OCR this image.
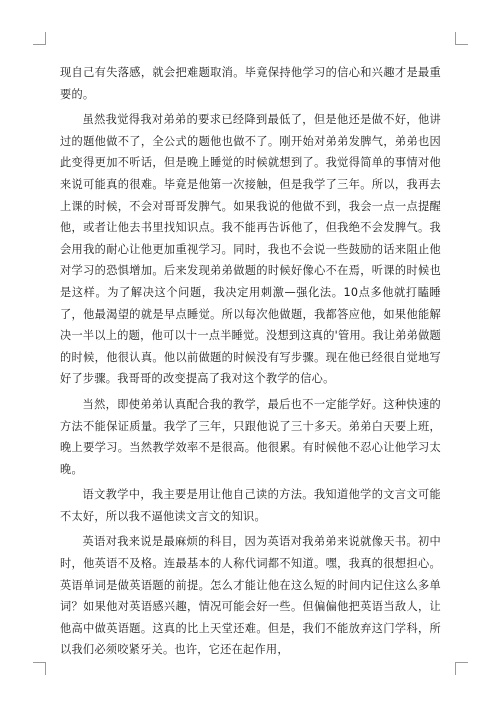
现自己有失落感，就会把难题取消。毕竟保持他学习的信心和兴趣才是最重要的。

虽然我觉得我对弟弟的要求已经降到最低了，但是他还是做不好，他讲过的题他做不了，全公式的题他也做不了。刚开始对弟弟发脾气，弟弟也因此变得更加不听话，但是晚上睡觉的时候就想到了。我觉得简单的事情对他来说可能真的很难。毕竟是他第一次接触，但是我学了三年。所以，我再去上课的时候，不会对哥哥发脾气。如果我说的他做不到，我会一点一点提醒他，或者让他去书里找知识点。我不能再告诉他了，但我绝不会发脾气。我会用我的耐心让他更加重视学习。同时，我也不会说一些鼓励的话来阻止他对学习的恐惧增加。后来发现弟弟做题的时候好像心不在焉，听课的时候也是这样。为了解决这个问题，我决定用刺激—强化法。10点多他就打瞌睡了，他最渴望的就是早点睡觉。所以每次他做题，我都答应他，如果他能解决一半以上的题，他可以十一点半睡觉。没想到这真的'管用。我让弟弟做题的时候，他很认真。他以前做题的时候没有写步骤。现在他已经很自觉地写好了步骤。我哥哥的改变提高了我对这个教学的信心。

当然，即使弟弟认真配合我的教学，最后也不一定能学好。这种快速的方法不能保证质量。我学了三年，只跟他说了三十多天。弟弟白天要上班，晚上要学习。当然教学效率不是很高。他很累。有时候他不忍心让他学习太晚。

语文教学中，我主要是用让他自己读的方法。我知道他学的文言文可能不太好，所以我不逼他读文言文的知识。

英语对我来说是最麻烦的科目，因为英语对我弟弟来说就像天书。初中时，他英语不及格。连最基本的人称代词都不知道。嘿，我真的很想担心。英语单词是做英语题的前提。怎么才能让他在这么短的时间内记住这么多单词？如果他对英语感兴趣，情况可能会好一些。但偏偏他把英语当敌人，让他高中做英语题。这真的比上天堂还难。但是，我们不能放弃这门学科，所以我们必须咬紧牙关。也许，它还在起作用，
